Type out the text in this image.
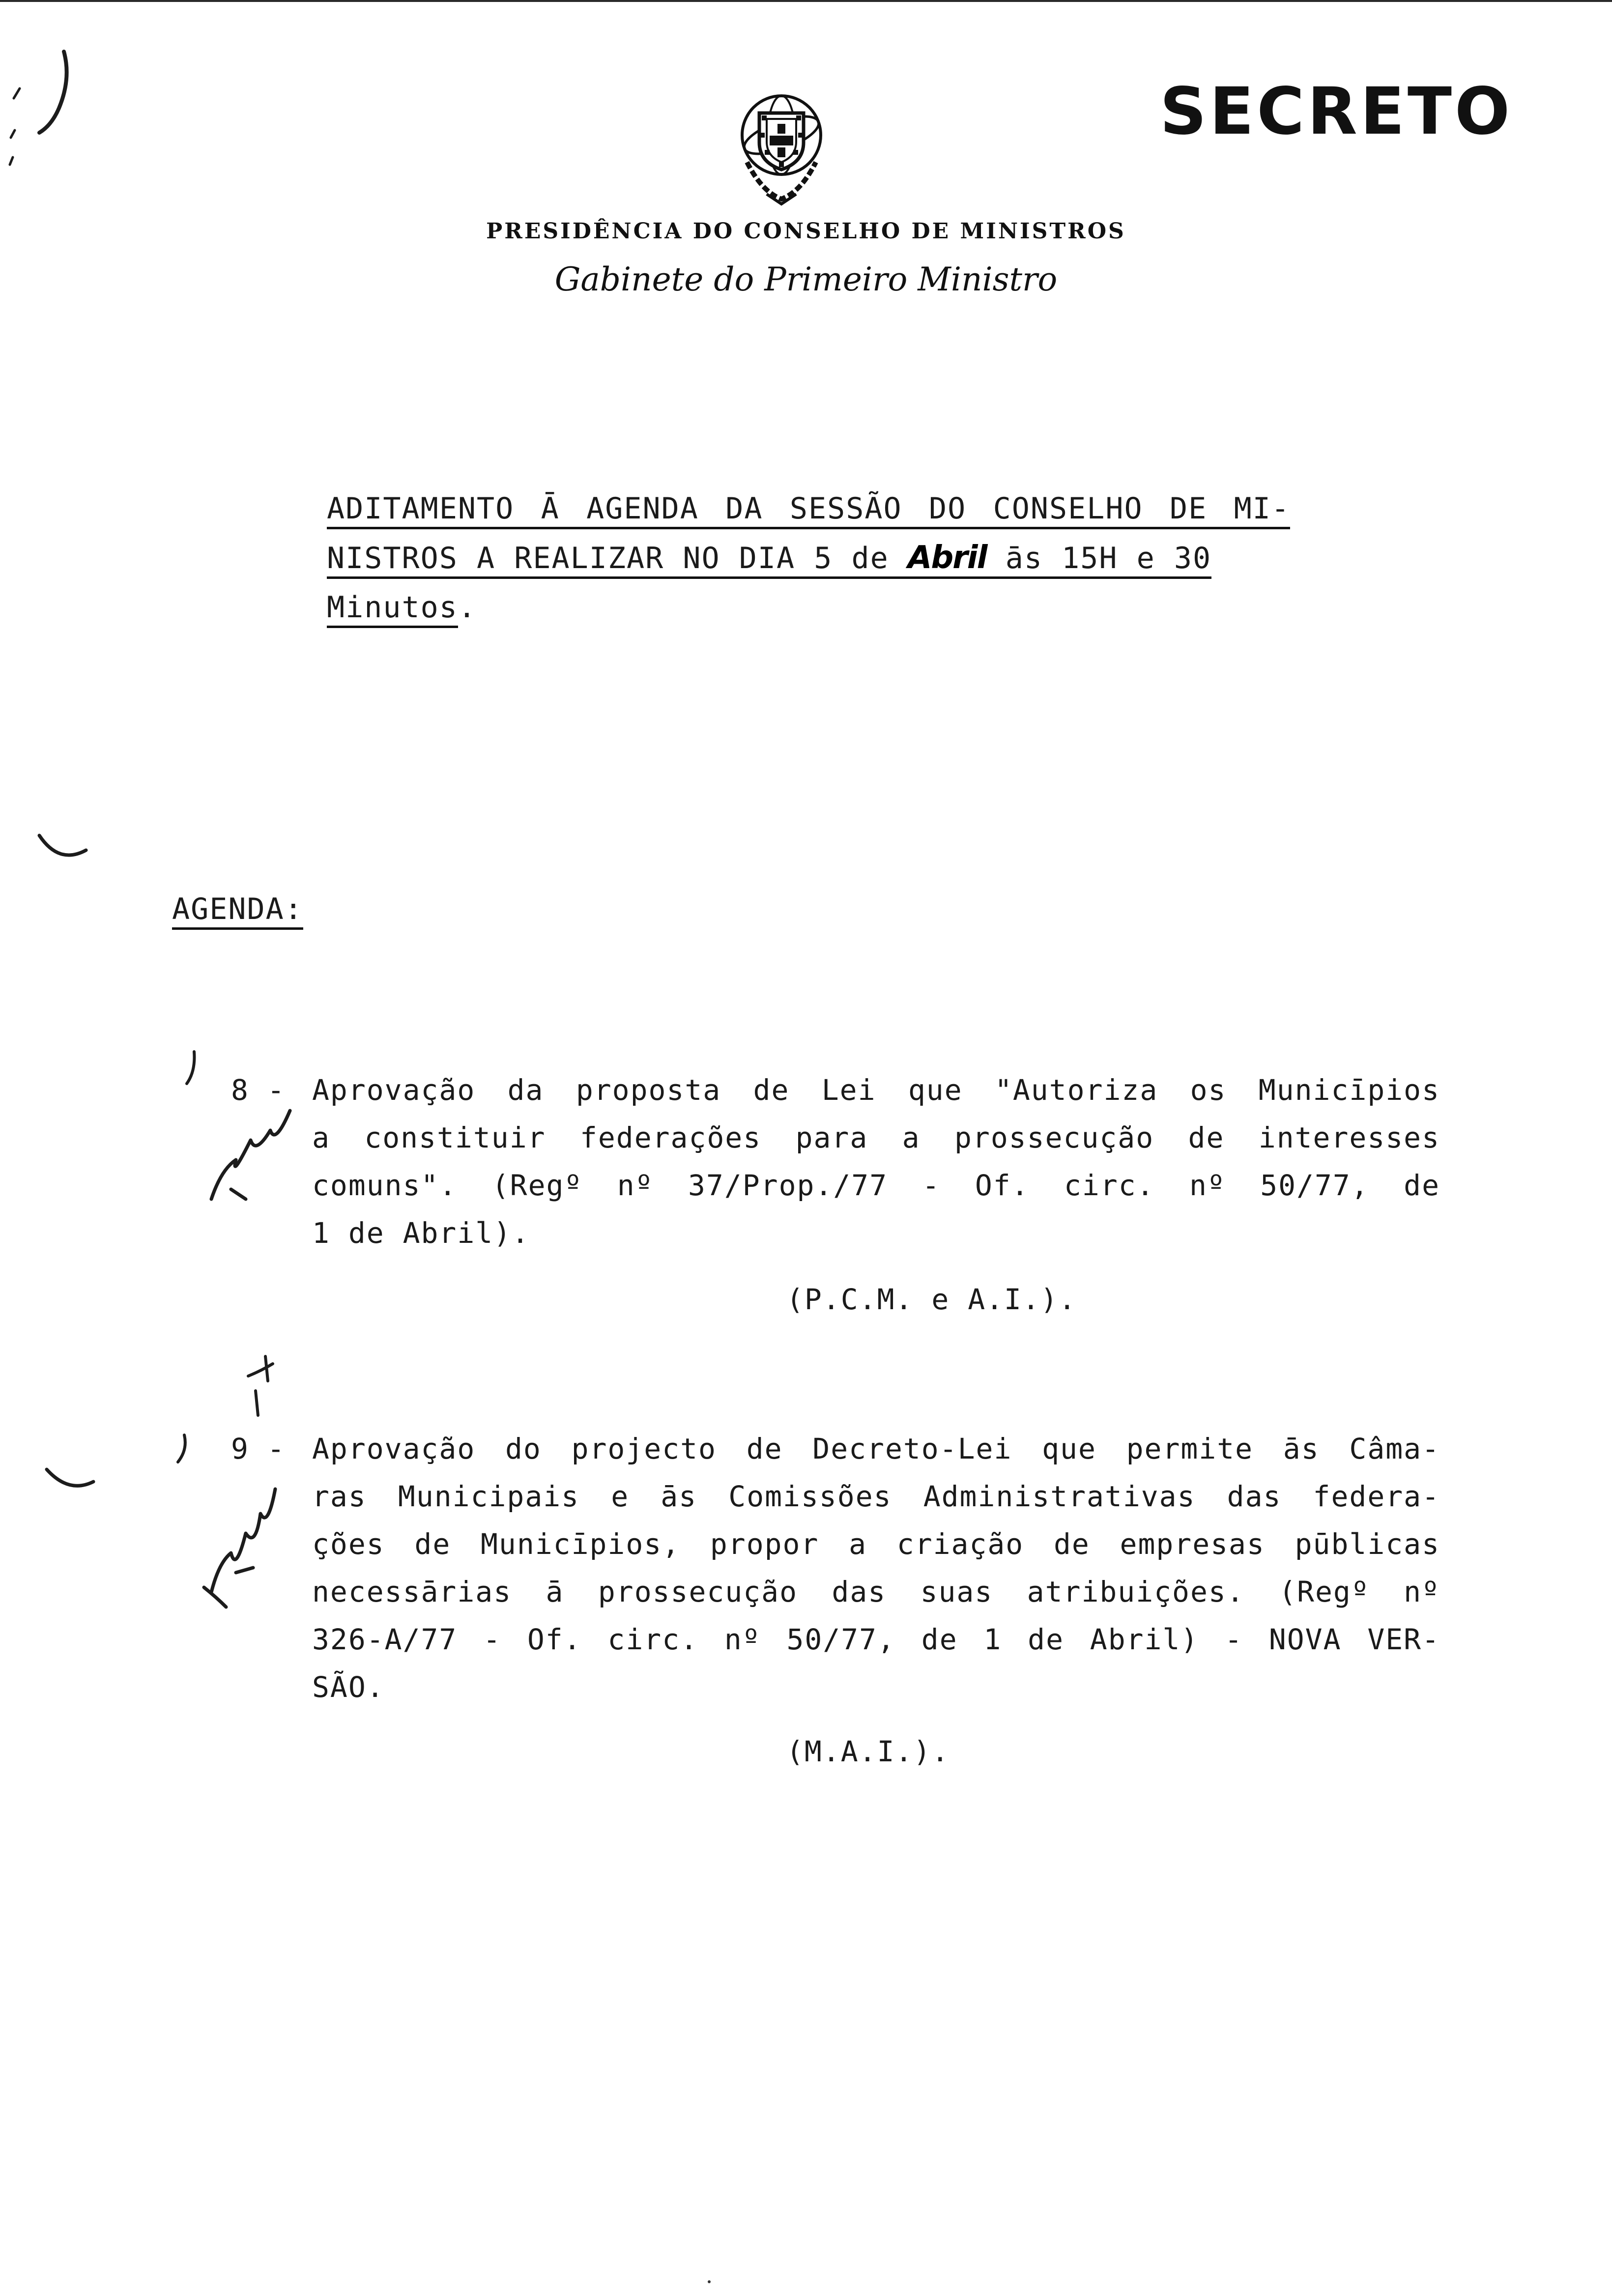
SECRETO
PRESIDÊNCIA DO CONSELHO DE MINISTROS
Gabinete do Primeiro Ministro
ADITAMENTO Ā AGENDA DA SESSÃO DO CONSELHO DE MI-
NISTROS A REALIZAR NO DIA 5 de Abril ās 15H e 30
Minutos.
AGENDA:
8 - Aprovação da proposta de Lei que "Autoriza os Municīpios
a constituir federações para a prossecução de interesses
comuns". (Regº nº 37/Prop./77 - Of. circ. nº 50/77, de
1 de Abril).
(P.C.M. e A.I.).
9 - Aprovação do projecto de Decreto-Lei que permite ās Câma-
ras Municipais e ās Comissões Administrativas das federa-
ções de Municīpios, propor a criação de empresas pūblicas
necessārias ā prossecução das suas atribuições. (Regº nº
326-A/77 - Of. circ. nº 50/77, de 1 de Abril) - NOVA VER-
SÃO.
(M.A.I.).
